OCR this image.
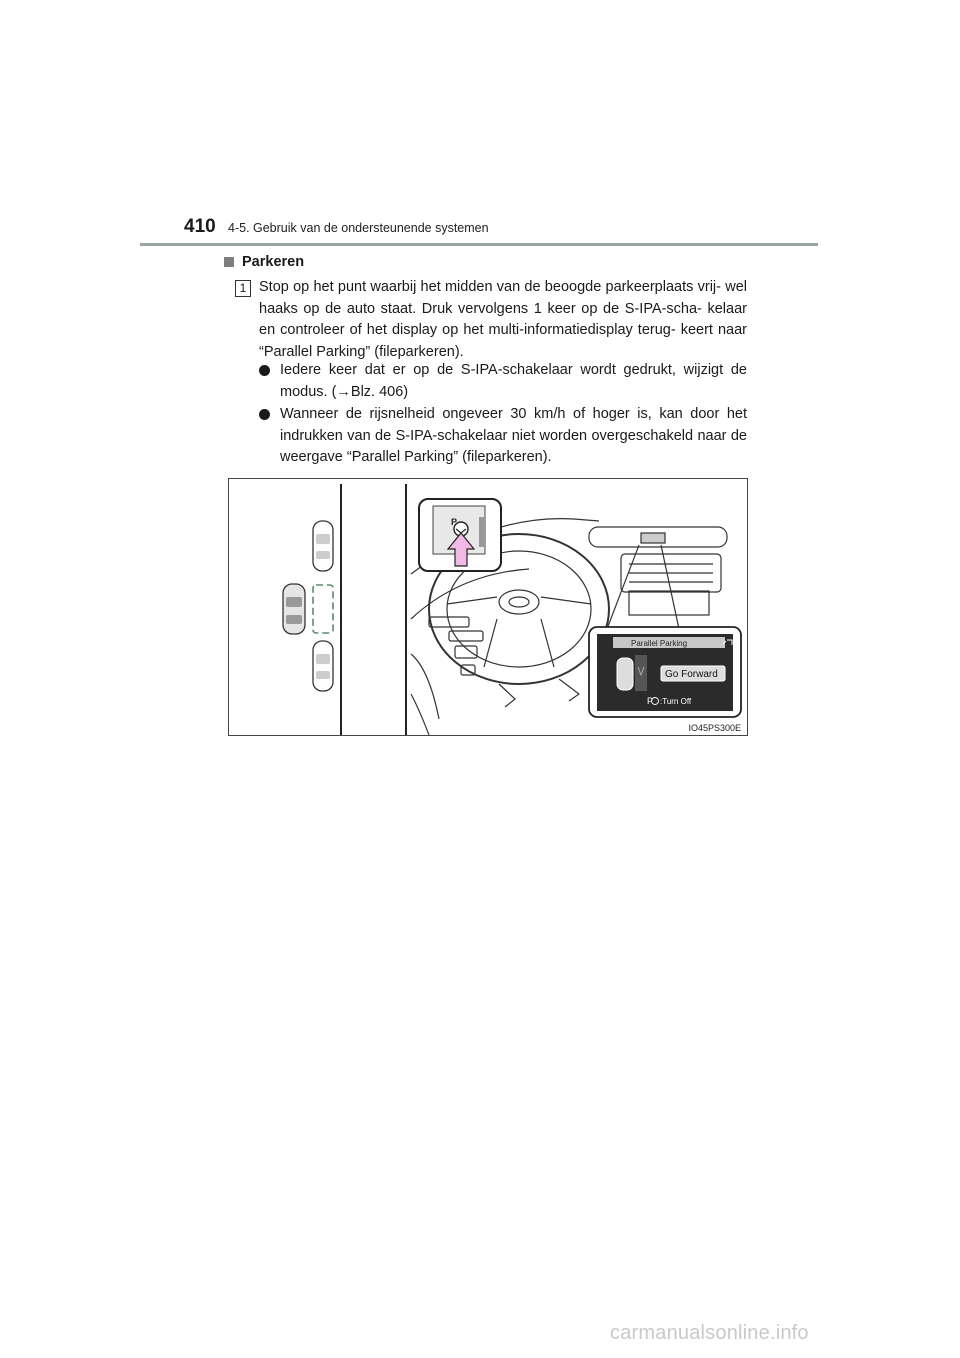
410 4-5. Gebruik van de ondersteunende systemen
Parkeren
1 Stop op het punt waarbij het midden van de beoogde parkeerplaats vrij- wel haaks op de auto staat. Druk vervolgens 1 keer op de S-IPA-scha- kelaar en controleer of het display op het multi-informatiedisplay terug- keert naar “Parallel Parking” (fileparkeren).

Iedere keer dat er op de S-IPA-schakelaar wordt gedrukt, wijzigt de modus. (→Blz. 406)

Wanneer de rijsnelheid ongeveer 30 km/h of hoger is, kan door het indrukken van de S-IPA-schakelaar niet worden overgeschakeld naar de weergave “Parallel Parking” (fileparkeren).

P
Parallel Parking
Go Forward
P :Turn Off
IO45PS300E
carmanualsonline.info
